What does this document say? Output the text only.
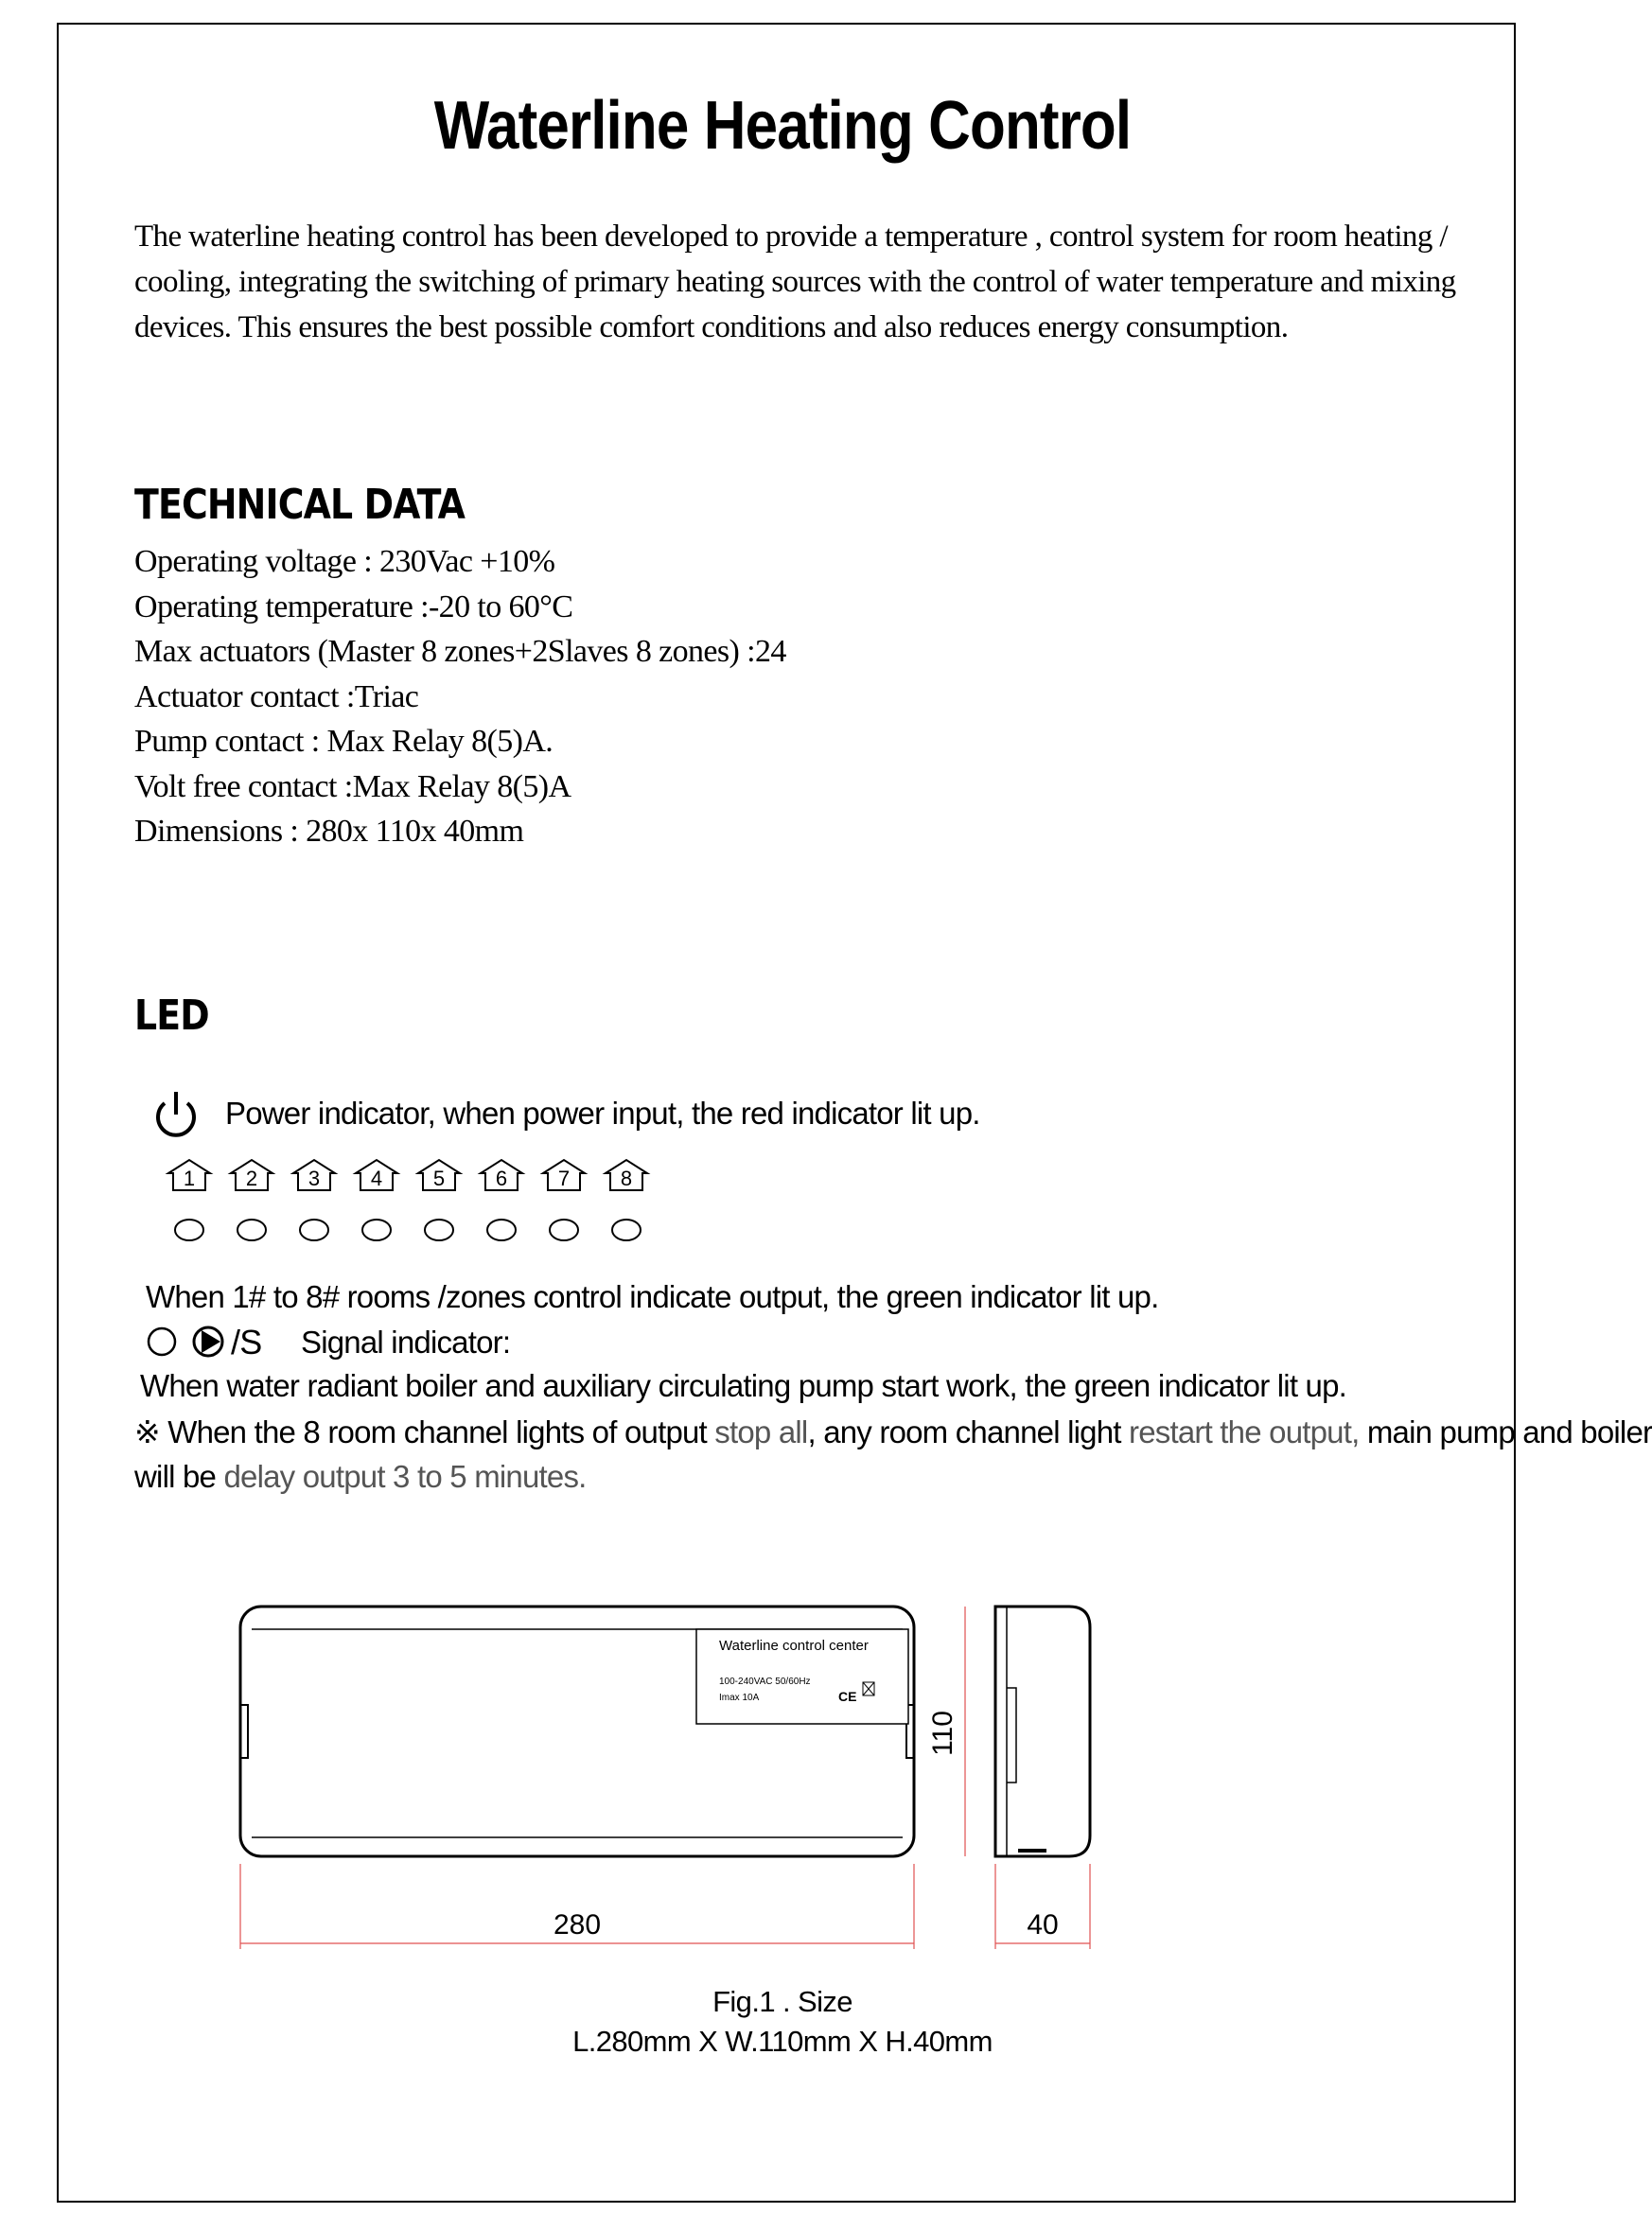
Waterline Heating Control

The waterline heating control has been developed to provide a temperature , control system for room heating / cooling, integrating the switching of primary heating sources with the control of water temperature and mixing devices. This ensures the best possible comfort conditions and also reduces energy consumption.

TECHNICAL DATA
Operating voltage : 230Vac +10%
Operating temperature :-20 to 60°C
Max actuators (Master 8 zones+2Slaves 8 zones) :24
Actuator contact :Triac
Pump contact : Max Relay 8(5)A.
Volt free contact :Max Relay 8(5)A
Dimensions : 280x 110x 40mm
LED

Power indicator, when power input, the red indicator lit up.

1 2 3 4 5 6 7 8

When 1# to 8# rooms /zones control indicate output, the green indicator lit up.

/S Signal indicator:

When water radiant boiler and auxiliary circulating pump start work, the green indicator lit up.

※ When the 8 room channel lights of output stop all, any room channel light restart the output, main pump and boiler

will be delay output 3 to 5 minutes.

Waterline control center
100-240VAC 50/60Hz
Imax 10A	CE
280	40
110

Fig.1 . Size

L.280mm X W.110mm X H.40mm
